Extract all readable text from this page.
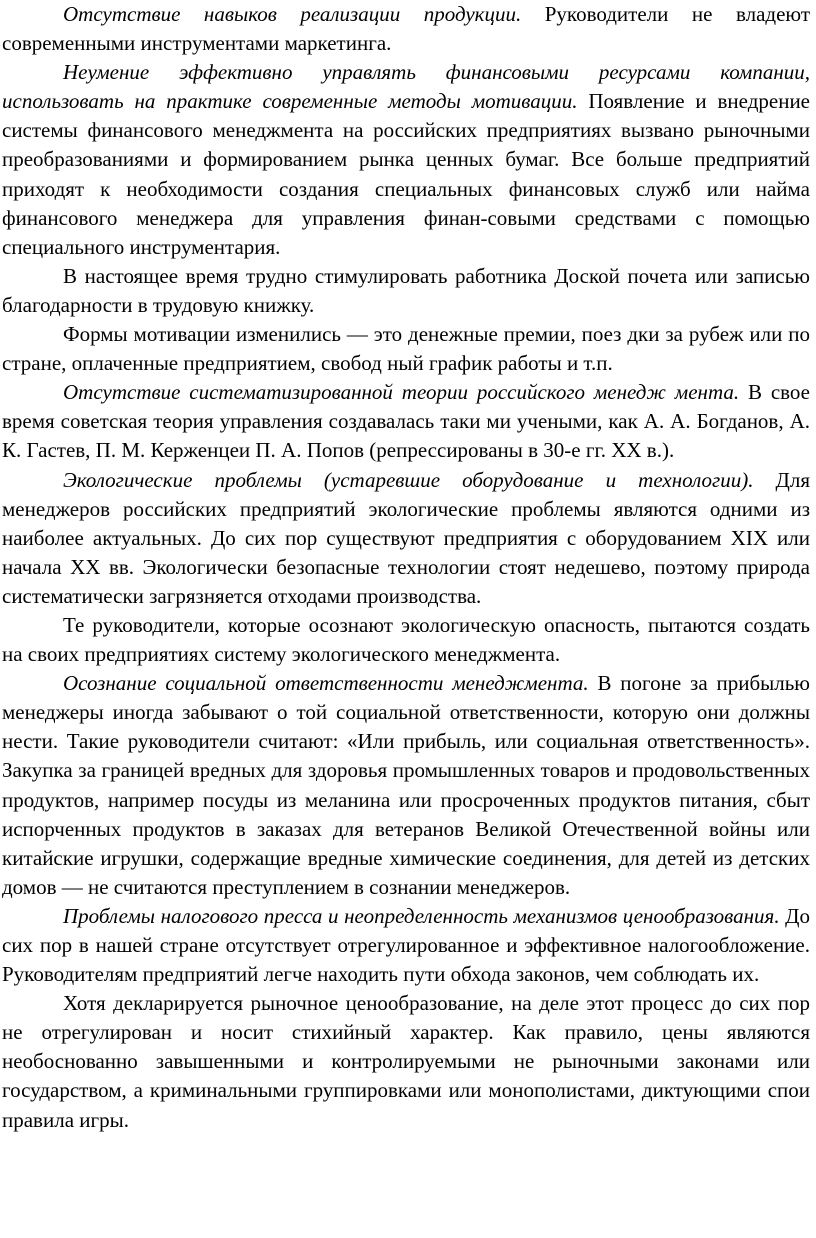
Отсутствие навыков реализации продукции. Руководители не владеют современными инструментами маркетинга.

Неумение эффективно управлять финансовыми ресурсами компании, использовать на практике современные методы мотивации. Появление и внедрение системы финансового менеджмента на российских предприятиях вызвано рыночными преобразованиями и формированием рынка ценных бумаг. Все больше предприятий приходят к необходимости создания специальных финансовых служб или найма финансового менеджера для управления финан-совыми средствами с помощью специального инструментария.

В настоящее время трудно стимулировать работника Доской почета или записью благодарности в трудовую книжку.

Формы мотивации изменились — это денежные премии, поез дки за рубеж или по стране, оплаченные предприятием, свобод ный график работы и т.п.

Отсутствие систематизированной теории российского менедж мента. В свое время советская теория управления создавалась таки ми учеными, как А. А. Богданов, А. К. Гастев, П. М. Керженцеи П. А. Попов (репрессированы в 30-е гг. XX в.).

Экологические проблемы (устаревшие оборудование и технологии). Для менеджеров российских предприятий экологические проблемы являются одними из наиболее актуальных. До сих пор существуют предприятия с оборудованием XIX или начала XX вв. Экологически безопасные технологии стоят недешево, поэтому природа систематически загрязняется отходами производства.

Те руководители, которые осознают экологическую опасность, пытаются создать на своих предприятиях систему экологического менеджмента.

Осознание социальной ответственности менеджмента. В погоне за прибылью менеджеры иногда забывают о той социальной ответственности, которую они должны нести. Такие руководители считают: «Или прибыль, или социальная ответственность». Закупка за границей вредных для здоровья промышленных товаров и продовольственных продуктов, например посуды из меланина или просроченных продуктов питания, сбыт испорченных продуктов в заказах для ветеранов Великой Отечественной войны или китайские игрушки, содержащие вредные химические соединения, для детей из детских домов — не считаются преступлением в сознании менеджеров.

Проблемы налогового пресса и неопределенность механизмов ценообразования. До сих пор в нашей стране отсутствует отрегулированное и эффективное налогообложение. Руководителям предприятий легче находить пути обхода законов, чем соблюдать их.

Хотя декларируется рыночное ценообразование, на деле этот процесс до сих пор не отрегулирован и носит стихийный характер. Как правило, цены являются необоснованно завышенными и контролируемыми не рыночными законами или государством, а криминальными группировками или монополистами, диктующими спои правила игры.
